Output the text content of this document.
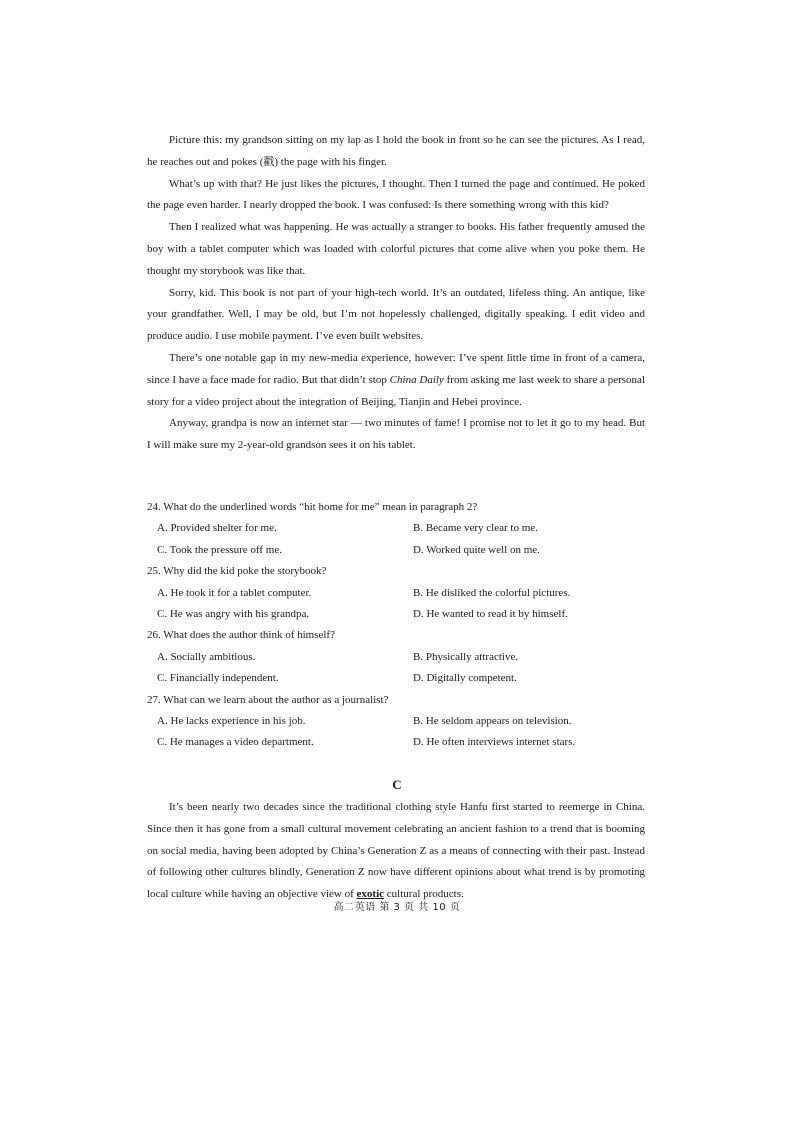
Picture this: my grandson sitting on my lap as I hold the book in front so he can see the pictures. As I read, he reaches out and pokes (戳) the page with his finger.

What’s up with that? He just likes the pictures, I thought. Then I turned the page and continued. He poked the page even harder. I nearly dropped the book. I was confused: Is there something wrong with this kid?

Then I realized what was happening. He was actually a stranger to books. His father frequently amused the boy with a tablet computer which was loaded with colorful pictures that come alive when you poke them. He thought my storybook was like that.

Sorry, kid. This book is not part of your high-tech world. It’s an outdated, lifeless thing. An antique, like your grandfather. Well, I may be old, but I’m not hopelessly challenged, digitally speaking. I edit video and produce audio. I use mobile payment. I’ve even built websites.

There’s one notable gap in my new-media experience, however: I’ve spent little time in front of a camera, since I have a face made for radio. But that didn’t stop China Daily from asking me last week to share a personal story for a video project about the integration of Beijing, Tianjin and Hebei province.

Anyway, grandpa is now an internet star — two minutes of fame! I promise not to let it go to my head. But I will make sure my 2-year-old grandson sees it on his tablet.

24. What do the underlined words “hit home for me” mean in paragraph 2?

A. Provided shelter for me.	B. Became very clear to me.
C. Took the pressure off me.	D. Worked quite well on me.

25. Why did the kid poke the storybook?

A. He took it for a tablet computer.	B. He disliked the colorful pictures.
C. He was angry with his grandpa.	D. He wanted to read it by himself.

26. What does the author think of himself?

A. Socially ambitious.	B. Physically attractive.
C. Financially independent.	D. Digitally competent.

27. What can we learn about the author as a journalist?

A. He lacks experience in his job.	B. He seldom appears on television.
C. He manages a video department.	D. He often interviews internet stars.
C

It’s been nearly two decades since the traditional clothing style Hanfu first started to reemerge in China. Since then it has gone from a small cultural movement celebrating an ancient fashion to a trend that is booming on social media, having been adopted by China’s Generation Z as a means of connecting with their past. Instead of following other cultures blindly, Generation Z now have different opinions about what trend is by promoting local culture while having an objective view of exotic cultural products.

高二英语 第 3 页 共 10 页
